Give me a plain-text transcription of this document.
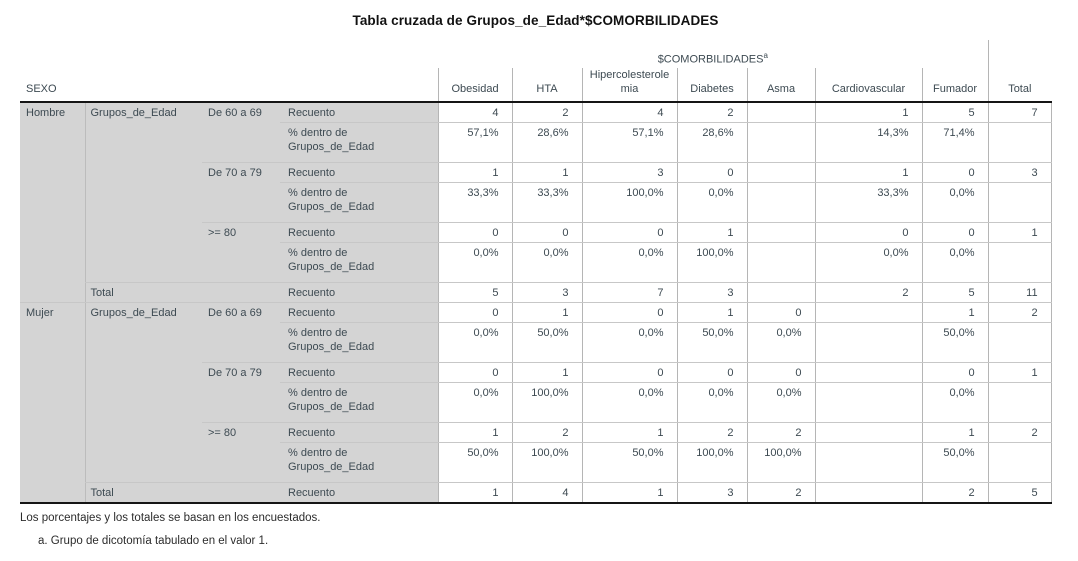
Tabla cruzada de Grupos_de_Edad*$COMORBILIDADES
SEXO				$COMORBILIDADES$^a$							Total
				Obesidad	HTA	Hipercolesterolemia	Diabetes	Asma	Cardiovascular	Fumador	
Hombre	Grupos_de_Edad	De 60 a 69	Recuento	4	2	4	2		1	5	7
			% dentro de Grupos_de_Edad	57,1%	28,6%	57,1%	28,6%		14,3%	71,4%	
		De 70 a 79	Recuento	1	1	3	0		1	0	3
			% dentro de Grupos_de_Edad	33,3%	33,3%	100,0%	0,0%		33,3%	0,0%	
		>= 80	Recuento	0	0	0	1		0	0	1
			% dentro de Grupos_de_Edad	0,0%	0,0%	0,0%	100,0%		0,0%	0,0%	
	Total		Recuento	5	3	7	3		2	5	11
Mujer	Grupos_de_Edad	De 60 a 69	Recuento	0	1	0	1	0		1	2
			% dentro de Grupos_de_Edad	0,0%	50,0%	0,0%	50,0%	0,0%		50,0%	
		De 70 a 79	Recuento	0	1	0	0	0		0	1
			% dentro de Grupos_de_Edad	0,0%	100,0%	0,0%	0,0%	0,0%		0,0%	
		>= 80	Recuento	1	2	1	2	2		1	2
			% dentro de Grupos_de_Edad	50,0%	100,0%	50,0%	100,0%	100,0%		50,0%	
	Total		Recuento	1	4	1	3	2		2	5
Los porcentajes y los totales se basan en los encuestados.
a. Grupo de dicotomía tabulado en el valor 1.
